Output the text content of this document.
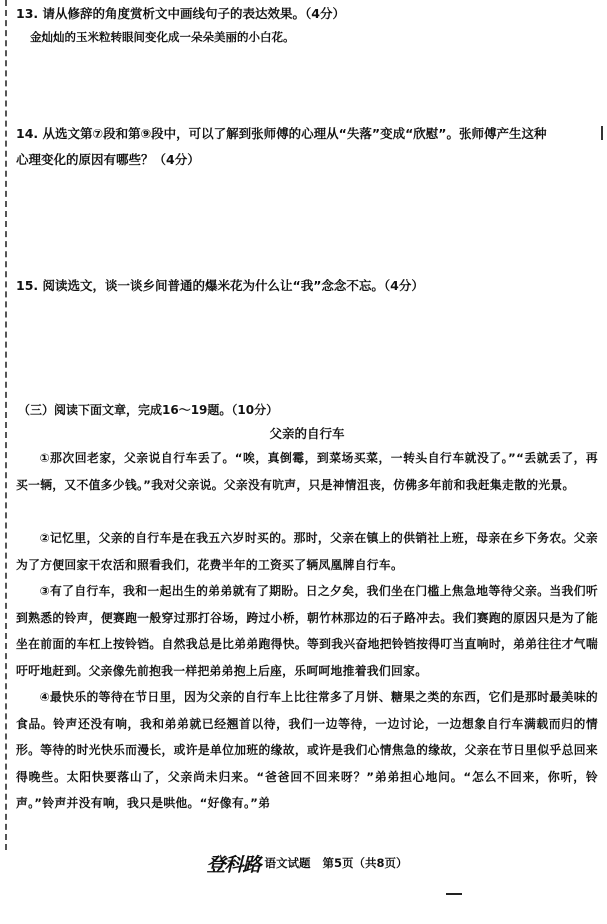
13. 请从修辞的角度赏析文中画线句子的表达效果。（4分）
金灿灿的玉米粒转眼间变化成一朵朵美丽的小白花。
14. 从选文第⑦段和第⑨段中，可以了解到张师傅的心理从“失落”变成“欣慰”。张师傅产生这种
心理变化的原因有哪些？（4分）
15. 阅读选文，谈一谈乡间普通的爆米花为什么让“我”念念不忘。（4分）
（三）阅读下面文章，完成16～19题。（10分）
父亲的自行车
①那次回老家，父亲说自行车丢了。“唉，真倒霉，到菜场买菜，一转头自行车就没了。”“丢就丢了，再买一辆，又不值多少钱。”我对父亲说。父亲没有吭声，只是神情沮丧，仿佛多年前和我赶集走散的光景。
②记忆里，父亲的自行车是在我五六岁时买的。那时，父亲在镇上的供销社上班，母亲在乡下务农。父亲为了方便回家干农活和照看我们，花费半年的工资买了辆凤凰牌自行车。
③有了自行车，我和一起出生的弟弟就有了期盼。日之夕矣，我们坐在门槛上焦急地等待父亲。当我们听到熟悉的铃声，便赛跑一般穿过那打谷场，跨过小桥，朝竹林那边的石子路冲去。我们赛跑的原因只是为了能坐在前面的车杠上按铃铛。自然我总是比弟弟跑得快。等到我兴奋地把铃铛按得叮当直响时，弟弟往往才气喘吁吁地赶到。父亲像先前抱我一样把弟弟抱上后座，乐呵呵地推着我们回家。
④最快乐的等待在节日里，因为父亲的自行车上比往常多了月饼、糖果之类的东西，它们是那时最美味的食品。铃声还没有响，我和弟弟就已经翘首以待，我们一边等待，一边讨论，一边想象自行车满载而归的情形。等待的时光快乐而漫长，或许是单位加班的缘故，或许是我们心情焦急的缘故，父亲在节日里似乎总回来得晚些。太阳快要落山了，父亲尚未归来。“爸爸回不回来呀？”弟弟担心地问。“怎么不回来，你听，铃声。”铃声并没有响，我只是哄他。“好像有。”弟
登科路 语文试题 第5页（共8页）
